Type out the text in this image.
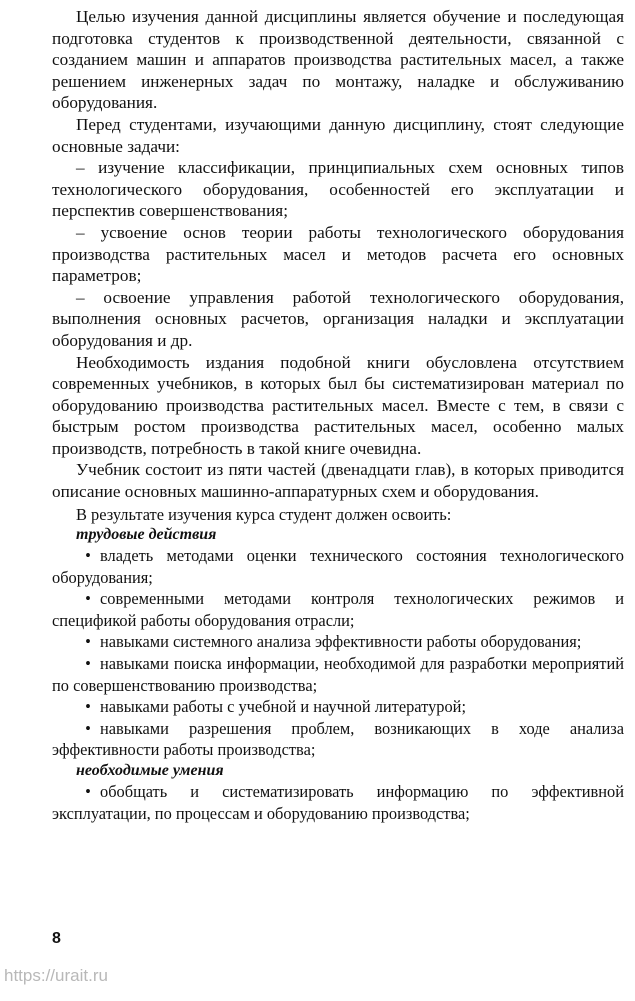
Целью изучения данной дисциплины является обучение и последующая подготовка студентов к производственной деятельности, связанной с созданием машин и аппаратов производства растительных масел, а также решением инженерных задач по монтажу, наладке и обслуживанию оборудования.

Перед студентами, изучающими данную дисциплину, стоят следующие основные задачи:

– изучение классификации, принципиальных схем основных типов технологического оборудования, особенностей его эксплуатации и перспектив совершенствования;

– усвоение основ теории работы технологического оборудования производства растительных масел и методов расчета его основных параметров;

– освоение управления работой технологического оборудования, выполнения основных расчетов, организация наладки и эксплуатации оборудования и др.

Необходимость издания подобной книги обусловлена отсутствием современных учебников, в которых был бы систематизирован материал по оборудованию производства растительных масел. Вместе с тем, в связи с быстрым ростом производства растительных масел, особенно малых производств, потребность в такой книге очевидна.

Учебник состоит из пяти частей (двенадцати глав), в которых приводится описание основных машинно-аппаратурных схем и оборудования.

В результате изучения курса студент должен освоить:

трудовые действия

• владеть методами оценки технического состояния технологического оборудования;

• современными методами контроля технологических режимов и спецификой работы оборудования отрасли;

• навыками системного анализа эффективности работы оборудования;

• навыками поиска информации, необходимой для разработки мероприятий по совершенствованию производства;

• навыками работы с учебной и научной литературой;

• навыками разрешения проблем, возникающих в ходе анализа эффективности работы производства;

необходимые умения

• обобщать и систематизировать информацию по эффективной эксплуатации, по процессам и оборудованию производства;

8
https://urait.ru
